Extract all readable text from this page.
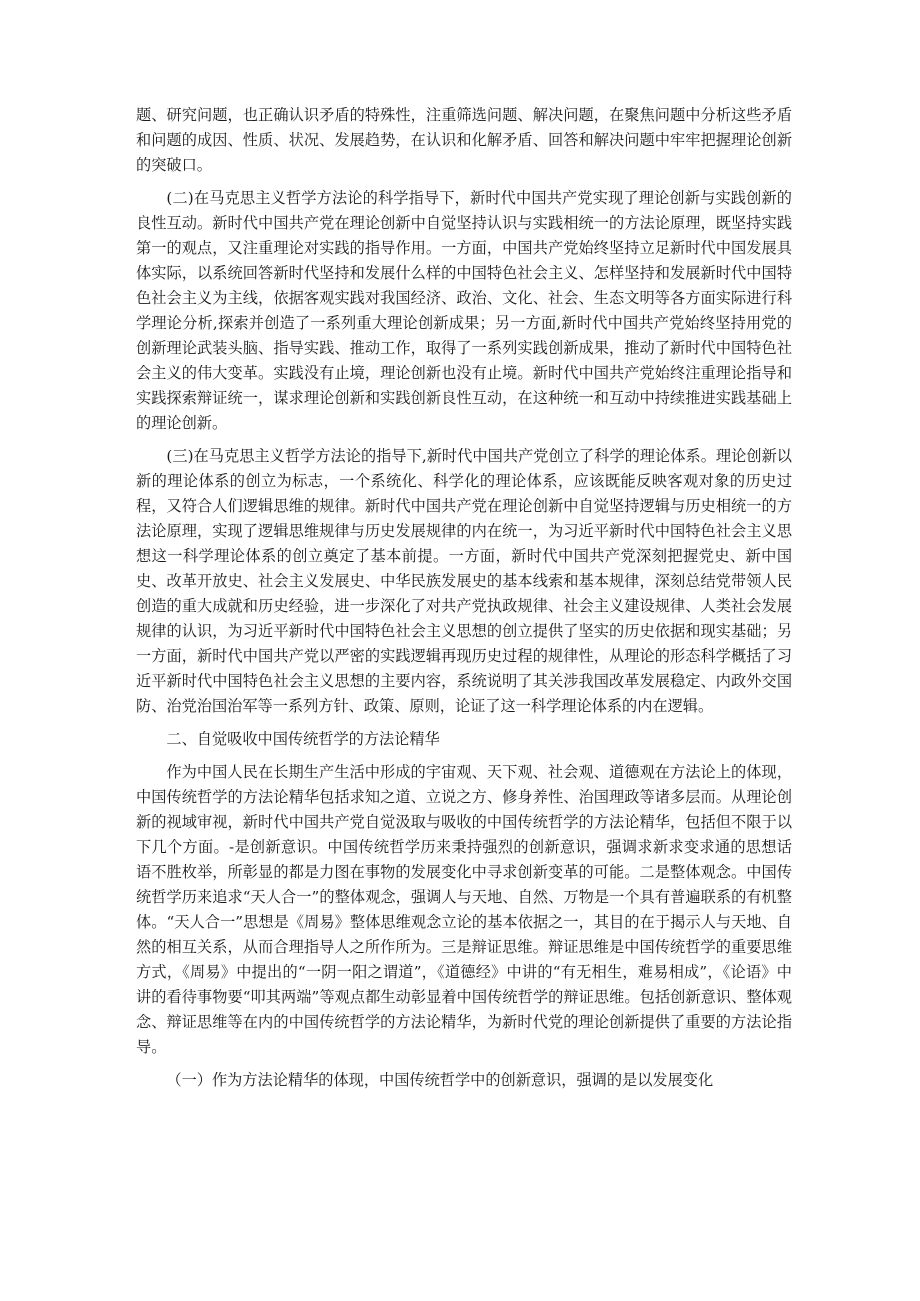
题、研究问题，也正确认识矛盾的特殊性，注重筛选问题、解决问题，在聚焦问题中分析这些矛盾和问题的成因、性质、状况、发展趋势，在认识和化解矛盾、回答和解决问题中牢牢把握理论创新的突破口。

(二)在马克思主义哲学方法论的科学指导下，新时代中国共产党实现了理论创新与实践创新的良性互动。新时代中国共产党在理论创新中自觉坚持认识与实践相统一的方法论原理，既坚持实践第一的观点，又注重理论对实践的指导作用。一方面，中国共产党始终坚持立足新时代中国发展具体实际，以系统回答新时代坚持和发展什么样的中国特色社会主义、怎样坚持和发展新时代中国特色社会主义为主线，依据客观实践对我国经济、政治、文化、社会、生态文明等各方面实际进行科学理论分析,探索并创造了一系列重大理论创新成果；另一方面,新时代中国共产党始终坚持用党的创新理论武装头脑、指导实践、推动工作，取得了一系列实践创新成果，推动了新时代中国特色社会主义的伟大变革。实践没有止境，理论创新也没有止境。新时代中国共产党始终注重理论指导和实践探索辩证统一，谋求理论创新和实践创新良性互动，在这种统一和互动中持续推进实践基础上的理论创新。

(三)在马克思主义哲学方法论的指导下,新时代中国共产党创立了科学的理论体系。理论创新以新的理论体系的创立为标志，一个系统化、科学化的理论体系，应该既能反映客观对象的历史过程，又符合人们逻辑思维的规律。新时代中国共产党在理论创新中自觉坚持逻辑与历史相统一的方法论原理，实现了逻辑思维规律与历史发展规律的内在统一，为习近平新时代中国特色社会主义思想这一科学理论体系的创立奠定了基本前提。一方面，新时代中国共产党深刻把握党史、新中国史、改革开放史、社会主义发展史、中华民族发展史的基本线索和基本规律，深刻总结党带领人民创造的重大成就和历史经验，进一步深化了对共产党执政规律、社会主义建设规律、人类社会发展规律的认识，为习近平新时代中国特色社会主义思想的创立提供了坚实的历史依据和现实基础；另一方面，新时代中国共产党以严密的实践逻辑再现历史过程的规律性，从理论的形态科学概括了习近平新时代中国特色社会主义思想的主要内容，系统说明了其关涉我国改革发展稳定、内政外交国防、治党治国治军等一系列方针、政策、原则，论证了这一科学理论体系的内在逻辑。

二、自觉吸收中国传统哲学的方法论精华

作为中国人民在长期生产生活中形成的宇宙观、天下观、社会观、道德观在方法论上的体现，中国传统哲学的方法论精华包括求知之道、立说之方、修身养性、治国理政等诸多层而。从理论创新的视域审视，新时代中国共产党自觉汲取与吸收的中国传统哲学的方法论精华，包括但不限于以下几个方面。-是创新意识。中国传统哲学历来秉持强烈的创新意识，强调求新求变求通的思想话语不胜枚举，所彰显的都是力图在事物的发展变化中寻求创新变革的可能。二是整体观念。中国传统哲学历来追求“天人合一”的整体观念，强调人与天地、自然、万物是一个具有普遍联系的有机整体。“天人合一”思想是《周易》整体思维观念立论的基本依据之一，其目的在于揭示人与天地、自然的相互关系，从而合理指导人之所作所为。三是辩证思维。辩证思维是中国传统哲学的重要思维方式，《周易》中提出的“一阴一阳之谓道”，《道德经》中讲的“有无相生，难易相成”，《论语》中讲的看待事物要“叩其两端”等观点都生动彰显着中国传统哲学的辩证思维。包括创新意识、整体观念、辩证思维等在内的中国传统哲学的方法论精华，为新时代党的理论创新提供了重要的方法论指导。

（一）作为方法论精华的体现，中国传统哲学中的创新意识，强调的是以发展变化
